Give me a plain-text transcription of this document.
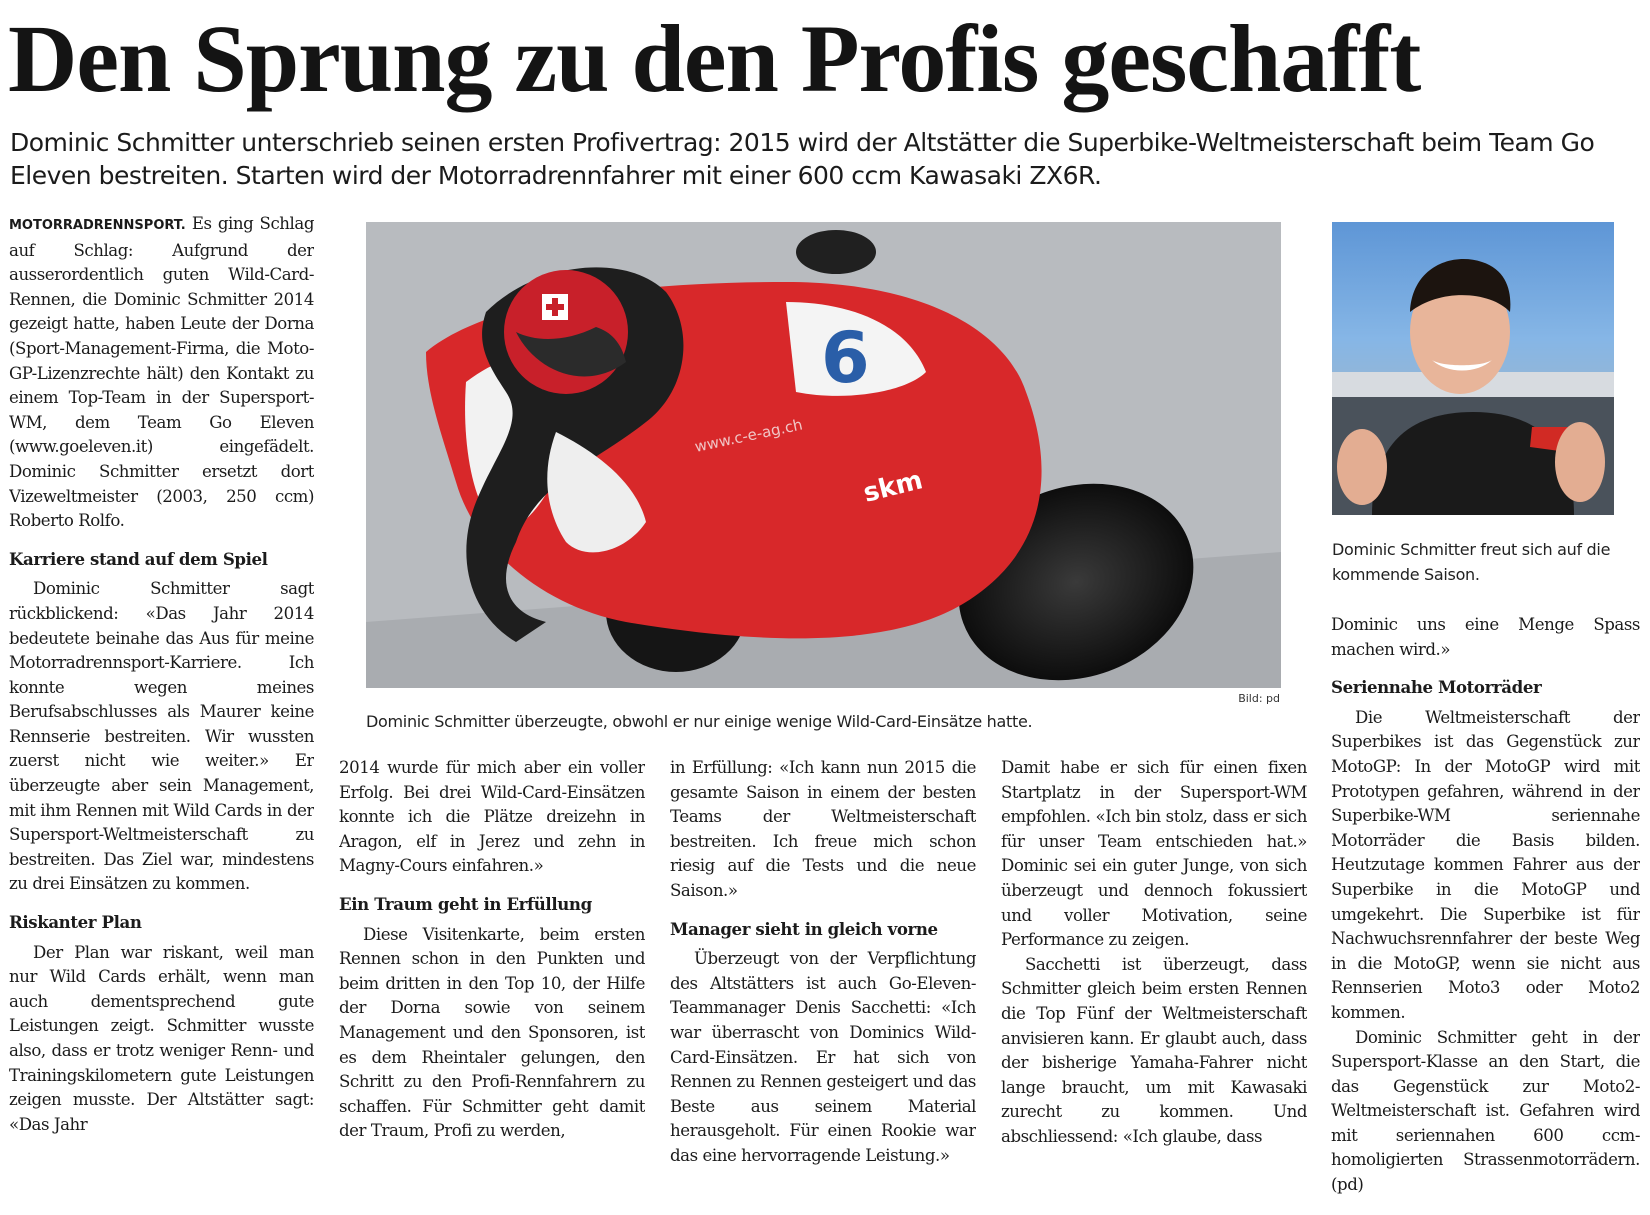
Den Sprung zu den Profis geschafft
Dominic Schmitter unterschrieb seinen ersten Profivertrag: 2015 wird der Altstätter die Superbike-Weltmeisterschaft beim Team Go Eleven bestreiten. Starten wird der Motorradrennfahrer mit einer 600 ccm Kawasaki ZX6R.

MOTORRADRENNSPORT. Es ging Schlag auf Schlag: Aufgrund der ausserordentlich guten Wild-Card-Rennen, die Dominic Schmitter 2014 gezeigt hatte, haben Leute der Dorna (Sport-Management-Firma, die Moto-GP-Lizenzrechte hält) den Kontakt zu einem Top-Team in der Supersport-WM, dem Team Go Eleven (www.goeleven.it) eingefädelt. Dominic Schmitter ersetzt dort Vizeweltmeister (2003, 250 ccm) Roberto Rolfo.

Karriere stand auf dem Spiel

Dominic Schmitter sagt rückblickend: «Das Jahr 2014 bedeutete beinahe das Aus für meine Motorradrennsport-Karriere. Ich konnte wegen meines Berufsabschlusses als Maurer keine Rennserie bestreiten. Wir wussten zuerst nicht wie weiter.» Er überzeugte aber sein Management, mit ihm Rennen mit Wild Cards in der Supersport-Weltmeisterschaft zu bestreiten. Das Ziel war, mindestens zu drei Einsätzen zu kommen.

Riskanter Plan

Der Plan war riskant, weil man nur Wild Cards erhält, wenn man auch dementsprechend gute Leistungen zeigt. Schmitter wusste also, dass er trotz weniger Renn- und Trainingskilometern gute Leistungen zeigen musste. Der Altstätter sagt: «Das Jahr

6
skm
www.c-e-ag.ch
Bild: pd
Dominic Schmitter überzeugte, obwohl er nur einige wenige Wild-Card-Einsätze hatte.
Dominic Schmitter freut sich auf die kommende Saison.

2014 wurde für mich aber ein voller Erfolg. Bei drei Wild-Card-Einsätzen konnte ich die Plätze dreizehn in Aragon, elf in Jerez und zehn in Magny-Cours einfahren.»

Ein Traum geht in Erfüllung

Diese Visitenkarte, beim ersten Rennen schon in den Punkten und beim dritten in den Top 10, der Hilfe der Dorna sowie von seinem Management und den Sponsoren, ist es dem Rheintaler gelungen, den Schritt zu den Profi-Rennfahrern zu schaffen. Für Schmitter geht damit der Traum, Profi zu werden,

in Erfüllung: «Ich kann nun 2015 die gesamte Saison in einem der besten Teams der Weltmeisterschaft bestreiten. Ich freue mich schon riesig auf die Tests und die neue Saison.»

Manager sieht in gleich vorne

Überzeugt von der Verpflichtung des Altstätters ist auch Go-Eleven-Teammanager Denis Sacchetti: «Ich war überrascht von Dominics Wild-Card-Einsätzen. Er hat sich von Rennen zu Rennen gesteigert und das Beste aus seinem Material herausgeholt. Für einen Rookie war das eine hervorragende Leistung.»

Damit habe er sich für einen fixen Startplatz in der Supersport-WM empfohlen. «Ich bin stolz, dass er sich für unser Team entschieden hat.» Dominic sei ein guter Junge, von sich überzeugt und dennoch fokussiert und voller Motivation, seine Performance zu zeigen.

Sacchetti ist überzeugt, dass Schmitter gleich beim ersten Rennen die Top Fünf der Weltmeisterschaft anvisieren kann. Er glaubt auch, dass der bisherige Yamaha-Fahrer nicht lange braucht, um mit Kawasaki zurecht zu kommen. Und abschliessend: «Ich glaube, dass

Dominic uns eine Menge Spass machen wird.»

Seriennahe Motorräder

Die Weltmeisterschaft der Superbikes ist das Gegenstück zur MotoGP: In der MotoGP wird mit Prototypen gefahren, während in der Superbike-WM seriennahe Motorräder die Basis bilden. Heutzutage kommen Fahrer aus der Superbike in die MotoGP und umgekehrt. Die Superbike ist für Nachwuchsrennfahrer der beste Weg in die MotoGP, wenn sie nicht aus Rennserien Moto3 oder Moto2 kommen.

Dominic Schmitter geht in der Supersport-Klasse an den Start, die das Gegenstück zur Moto2-Weltmeisterschaft ist. Gefahren wird mit seriennahen 600 ccm-homoligierten Strassenmotorrädern. (pd)
